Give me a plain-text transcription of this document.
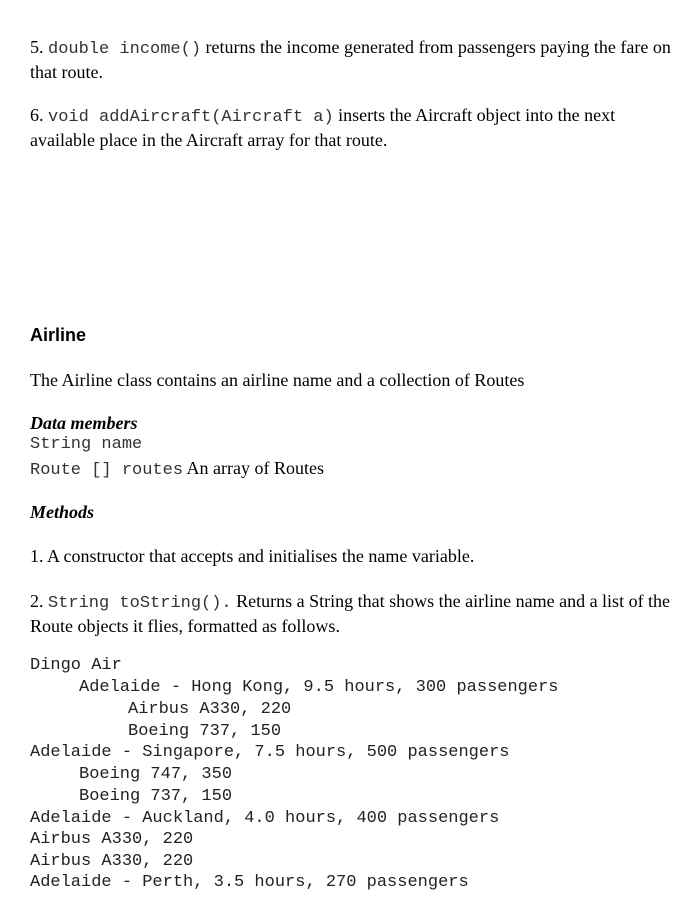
5. double income() returns the income generated from passengers paying the fare on that route.
6. void addAircraft(Aircraft a) inserts the Aircraft object into the next available place in the Aircraft array for that route.
Airline
The Airline class contains an airline name and a collection of Routes
Data members
String name
Route [] routes An array of Routes
Methods
1. A constructor that accepts and initialises the name variable.
2. String toString(). Returns a String that shows the airline name and a list of the Route objects it flies, formatted as follows.
Dingo Air
Adelaide - Hong Kong, 9.5 hours, 300 passengers
Airbus A330, 220
Boeing 737, 150
Adelaide - Singapore, 7.5 hours, 500 passengers
Boeing 747, 350
Boeing 737, 150
Adelaide - Auckland, 4.0 hours, 400 passengers
Airbus A330, 220
Airbus A330, 220
Adelaide - Perth, 3.5 hours, 270 passengers
